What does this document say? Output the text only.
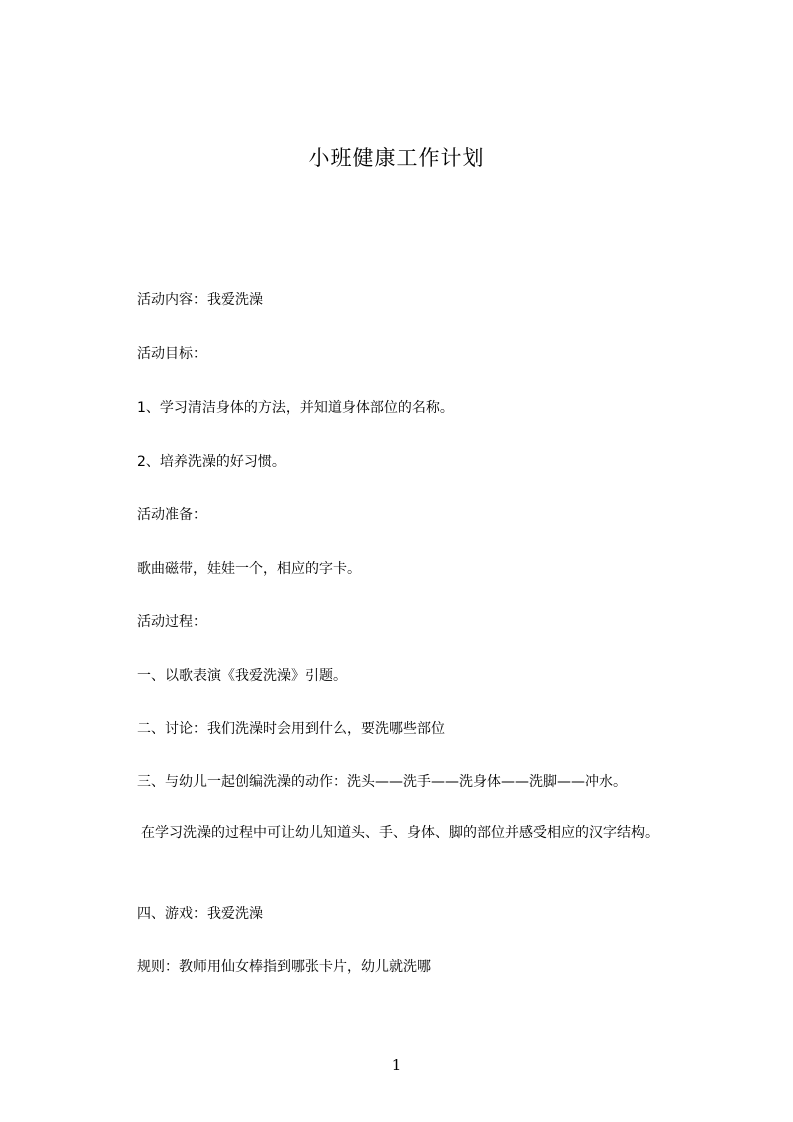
小班健康工作计划
活动内容：我爱洗澡
活动目标：
1、学习清洁身体的方法，并知道身体部位的名称。
2、培养洗澡的好习惯。
活动准备：
歌曲磁带，娃娃一个，相应的字卡。
活动过程：
一、以歌表演《我爱洗澡》引题。
二、讨论：我们洗澡时会用到什么，要洗哪些部位
三、与幼儿一起创编洗澡的动作：洗头——洗手——洗身体——洗脚——冲水。
在学习洗澡的过程中可让幼儿知道头、手、身体、脚的部位并感受相应的汉字结构。
四、游戏：我爱洗澡
规则：教师用仙女棒指到哪张卡片，幼儿就洗哪
1
